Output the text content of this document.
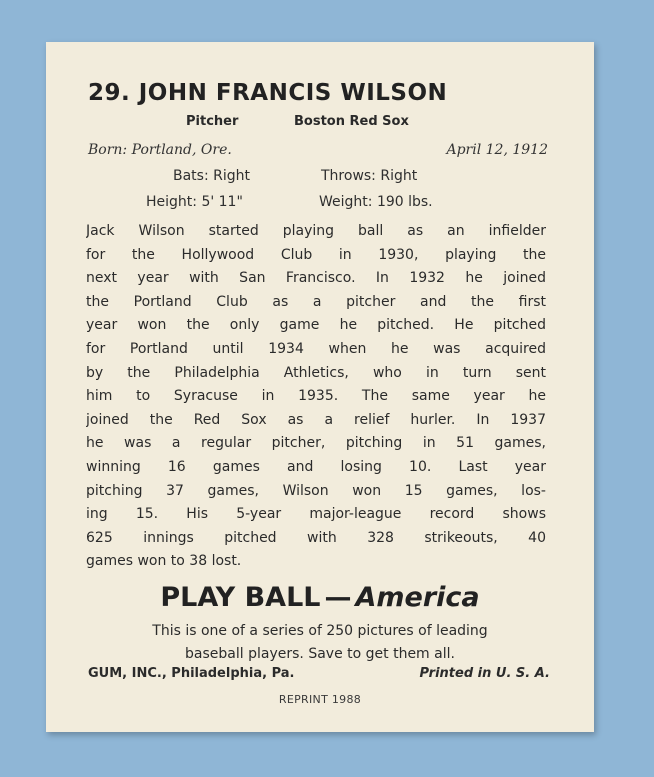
29. JOHN FRANCIS WILSON
Pitcher	Boston Red Sox
Born: Portland, Ore.	April 12, 1912
Bats: Right	Throws: Right
Height: 5' 11"	Weight: 190 lbs.
Jack Wilson started playing ball as an infielder
for the Hollywood Club in 1930, playing the
next year with San Francisco. In 1932 he joined
the Portland Club as a pitcher and the first
year won the only game he pitched. He pitched
for Portland until 1934 when he was acquired
by the Philadelphia Athletics, who in turn sent
him to Syracuse in 1935. The same year he
joined the Red Sox as a relief hurler. In 1937
he was a regular pitcher, pitching in 51 games,
winning 16 games and losing 10. Last year
pitching 37 games, Wilson won 15 games, los-
ing 15. His 5-year major-league record shows
625 innings pitched with 328 strikeouts, 40
games won to 38 lost.
PLAY BALL — America
This is one of a series of 250 pictures of leading
baseball players. Save to get them all.
GUM, INC., Philadelphia, Pa.	Printed in U. S. A.
REPRINT 1988
